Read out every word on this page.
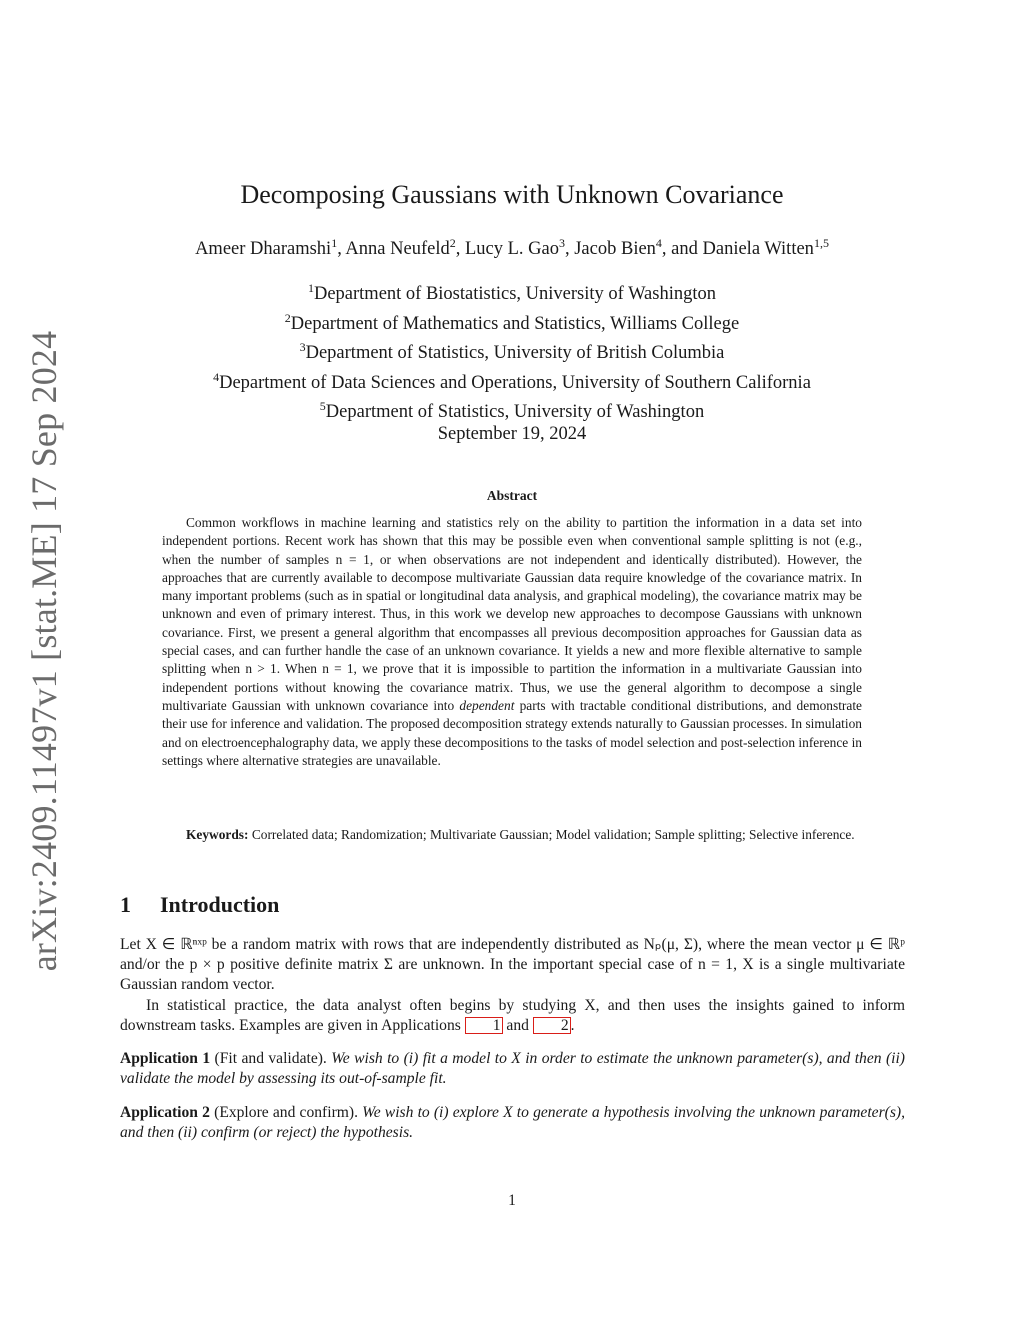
arXiv:2409.11497v1 [stat.ME] 17 Sep 2024
Decomposing Gaussians with Unknown Covariance
Ameer Dharamshi$^1$, Anna Neufeld$^2$, Lucy L. Gao$^3$, Jacob Bien$^4$, and Daniela Witten$^{1,5}$
$^1$Department of Biostatistics, University of Washington
$^2$Department of Mathematics and Statistics, Williams College
$^3$Department of Statistics, University of British Columbia
$^4$Department of Data Sciences and Operations, University of Southern California
$^5$Department of Statistics, University of Washington
September 19, 2024
Abstract
Common workflows in machine learning and statistics rely on the ability to partition the information in a data set into independent portions. Recent work has shown that this may be possible even when conventional sample splitting is not (e.g., when the number of samples n = 1, or when observations are not independent and identically distributed). However, the approaches that are currently available to decompose multivariate Gaussian data require knowledge of the covariance matrix. In many important problems (such as in spatial or longitudinal data analysis, and graphical modeling), the covariance matrix may be unknown and even of primary interest. Thus, in this work we develop new approaches to decompose Gaussians with unknown covariance. First, we present a general algorithm that encompasses all previous decomposition approaches for Gaussian data as special cases, and can further handle the case of an unknown covariance. It yields a new and more flexible alternative to sample splitting when n > 1. When n = 1, we prove that it is impossible to partition the information in a multivariate Gaussian into independent portions without knowing the covariance matrix. Thus, we use the general algorithm to decompose a single multivariate Gaussian with unknown covariance into dependent parts with tractable conditional distributions, and demonstrate their use for inference and validation. The proposed decomposition strategy extends naturally to Gaussian processes. In simulation and on electroencephalography data, we apply these decompositions to the tasks of model selection and post-selection inference in settings where alternative strategies are unavailable.
Keywords: Correlated data; Randomization; Multivariate Gaussian; Model validation; Sample splitting; Selective inference.
1 Introduction
Let X ∈ ℝⁿˣᵖ be a random matrix with rows that are independently distributed as Nₚ(μ, Σ), where the mean vector μ ∈ ℝᵖ and/or the p × p positive definite matrix Σ are unknown. In the important special case of n = 1, X is a single multivariate Gaussian random vector.
In statistical practice, the data analyst often begins by studying X, and then uses the insights gained to inform downstream tasks. Examples are given in Applications 1 and 2 .
Application 1 (Fit and validate). We wish to (i) fit a model to X in order to estimate the unknown parameter(s), and then (ii) validate the model by assessing its out-of-sample fit.
Application 2 (Explore and confirm). We wish to (i) explore X to generate a hypothesis involving the unknown parameter(s), and then (ii) confirm (or reject) the hypothesis.
1
